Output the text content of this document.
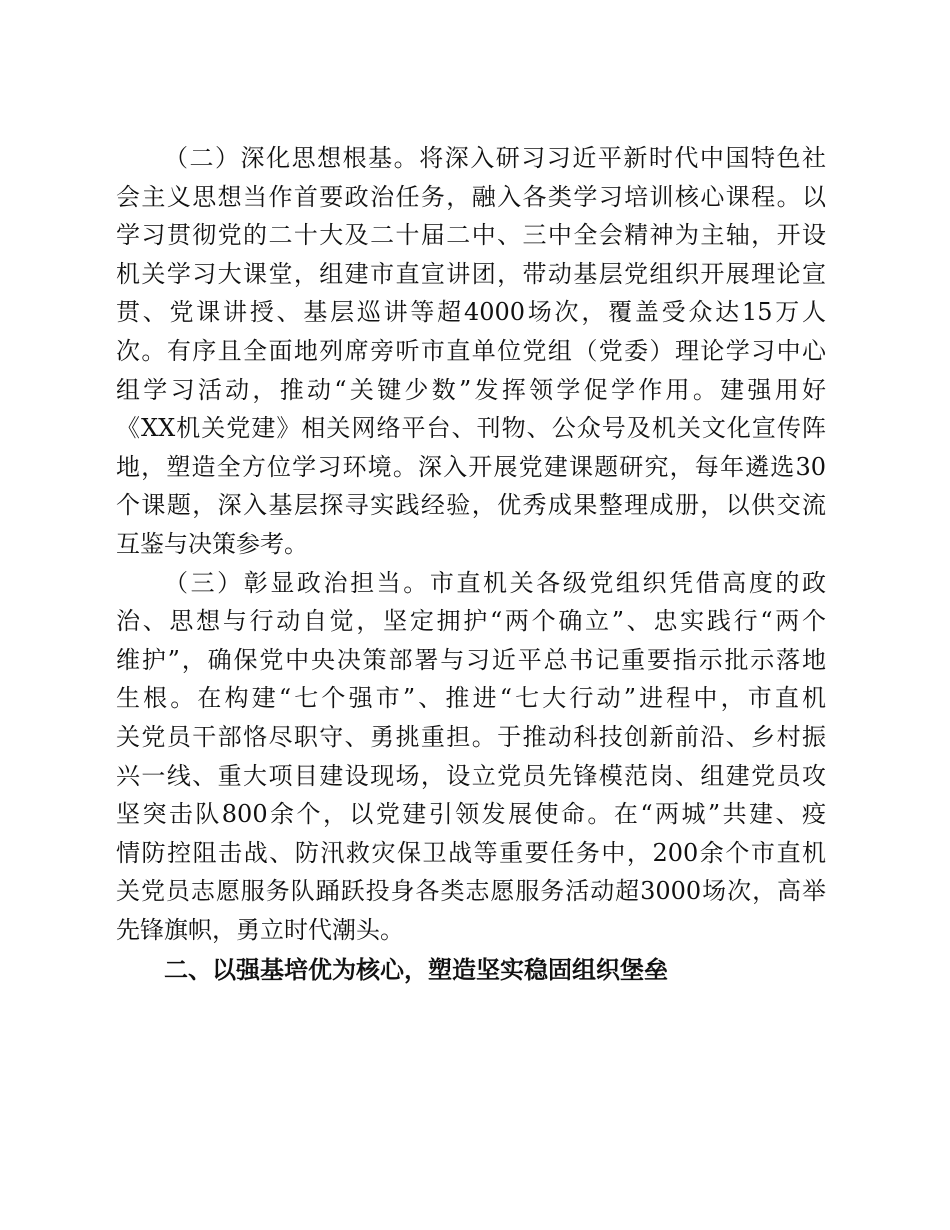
（二）深化思想根基。将深入研习习近平新时代中国特色社
会主义思想当作首要政治任务，融入各类学习培训核心课程。以
学习贯彻党的二十大及二十届二中、三中全会精神为主轴，开设
机关学习大课堂，组建市直宣讲团，带动基层党组织开展理论宣
贯、党课讲授、基层巡讲等超4000场次，覆盖受众达15万人
次。有序且全面地列席旁听市直单位党组（党委）理论学习中心
组学习活动，推动“关键少数”发挥领学促学作用。建强用好
《XX机关党建》相关网络平台、刊物、公众号及机关文化宣传阵
地，塑造全方位学习环境。深入开展党建课题研究，每年遴选30
个课题，深入基层探寻实践经验，优秀成果整理成册，以供交流
互鉴与决策参考。
（三）彰显政治担当。市直机关各级党组织凭借高度的政
治、思想与行动自觉，坚定拥护“两个确立”、忠实践行“两个
维护”，确保党中央决策部署与习近平总书记重要指示批示落地
生根。在构建“七个强市”、推进“七大行动”进程中，市直机
关党员干部恪尽职守、勇挑重担。于推动科技创新前沿、乡村振
兴一线、重大项目建设现场，设立党员先锋模范岗、组建党员攻
坚突击队800余个，以党建引领发展使命。在“两城”共建、疫
情防控阻击战、防汛救灾保卫战等重要任务中，200余个市直机
关党员志愿服务队踊跃投身各类志愿服务活动超3000场次，高举
先锋旗帜，勇立时代潮头。
二、以强基培优为核心，塑造坚实稳固组织堡垒
